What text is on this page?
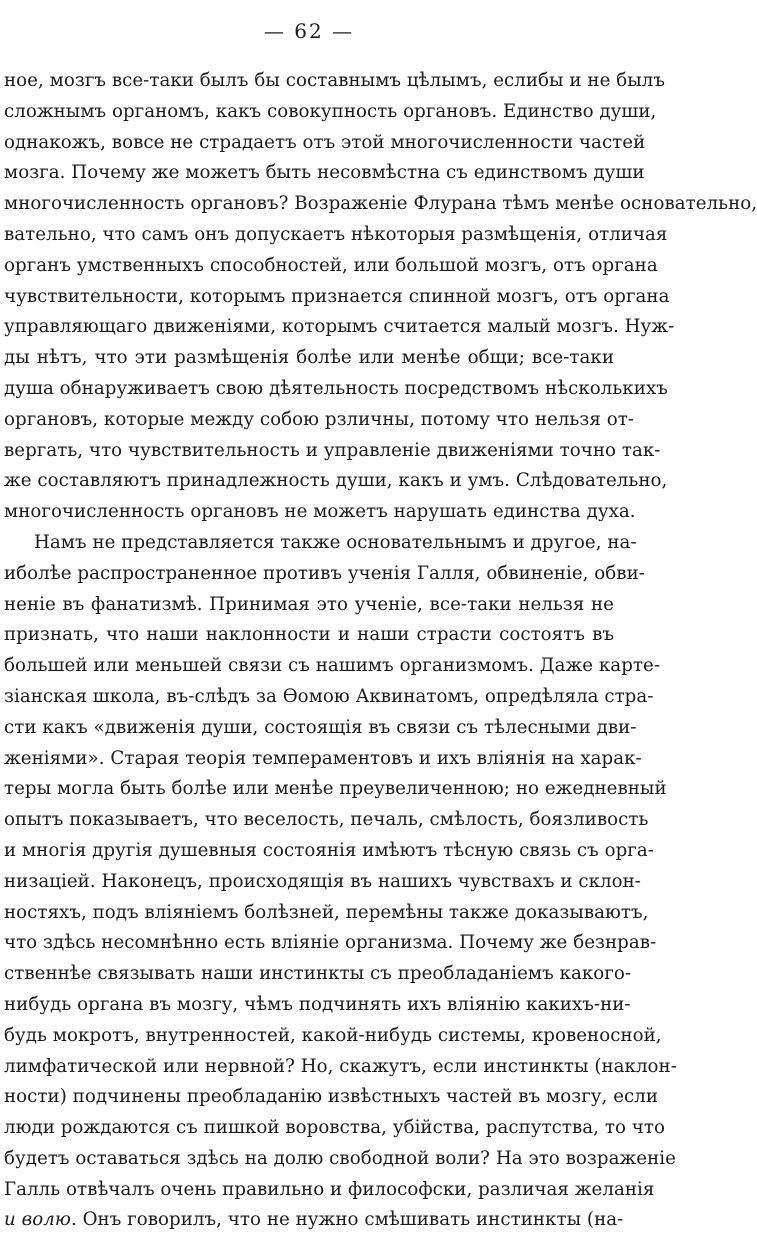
— 62 —
ное, мозгъ все-таки былъ бы составнымъ цѣлымъ, еслибы и не былъ
сложнымъ органомъ, какъ совокупность органовъ. Единство души,
однакожъ, вовсе не страдаетъ отъ этой многочисленности частей
мозга. Почему же можетъ быть несовмѣстна съ единствомъ души
многочисленность органовъ? Возраженіе Флурана тѣмъ менѣе основательно,
вательно, что самъ онъ допускаетъ нѣкоторыя размѣщенія, отличая
органъ умственныхъ способностей, или большой мозгъ, отъ органа
чувствительности, которымъ признается спинной мозгъ, отъ органа
управляющаго движеніями, которымъ считается малый мозгъ. Нуж-
ды нѣтъ, что эти размѣщенія болѣе или менѣе общи; все-таки
душа обнаруживаетъ свою дѣятельность посредствомъ нѣсколькихъ
органовъ, которые между собою рзличны, потому что нельзя от-
вергать, что чувствительность и управленіе движеніями точно так-
же составляютъ принадлежность души, какъ и умъ. Слѣдовательно,
многочисленность органовъ не можетъ нарушать единства духа.
Намъ не представляется также основательнымъ и другое, на-
иболѣе распространенное противъ ученія Галля, обвиненіе, обви-
неніе въ фанатизмѣ. Принимая это ученіе, все-таки нельзя не
признать, что наши наклонности и наши страсти состоятъ въ
большей или меньшей связи съ нашимъ организмомъ. Даже карте-
зіанская школа, въ-слѣдъ за Ѳомою Аквинатомъ, опредѣляла стра-
сти какъ «движенія души, состоящія въ связи съ тѣлесными дви-
женіями». Старая теорія темпераментовъ и ихъ вліянія на харак-
теры могла быть болѣе или менѣе преувеличенною; но ежедневный
опытъ показываетъ, что веселость, печаль, смѣлость, боязливость
и многія другія душевныя состоянія имѣютъ тѣсную связь съ орга-
низаціей. Наконецъ, происходящія въ нашихъ чувствахъ и склон-
ностяхъ, подъ вліяніемъ болѣзней, перемѣны также доказываютъ,
что здѣсь несомнѣнно есть вліяніе организма. Почему же безнрав-
ственнѣе связывать наши инстинкты съ преобладаніемъ какого-
нибудь органа въ мозгу, чѣмъ подчинять ихъ вліянію какихъ-ни-
будь мокротъ, внутренностей, какой-нибудь системы, кровеносной,
лимфатической или нервной? Но, скажутъ, если инстинкты (наклон-
ности) подчинены преобладанію извѣстныхъ частей въ мозгу, если
люди рождаются съ пишкой воровства, убійства, распутства, то что
будетъ оставаться здѣсь на долю свободной воли? На это возраженіе
Галль отвѣчалъ очень правильно и философски, различая желанія
и волю. Онъ говорилъ, что не нужно смѣшивать инстинкты (на-
